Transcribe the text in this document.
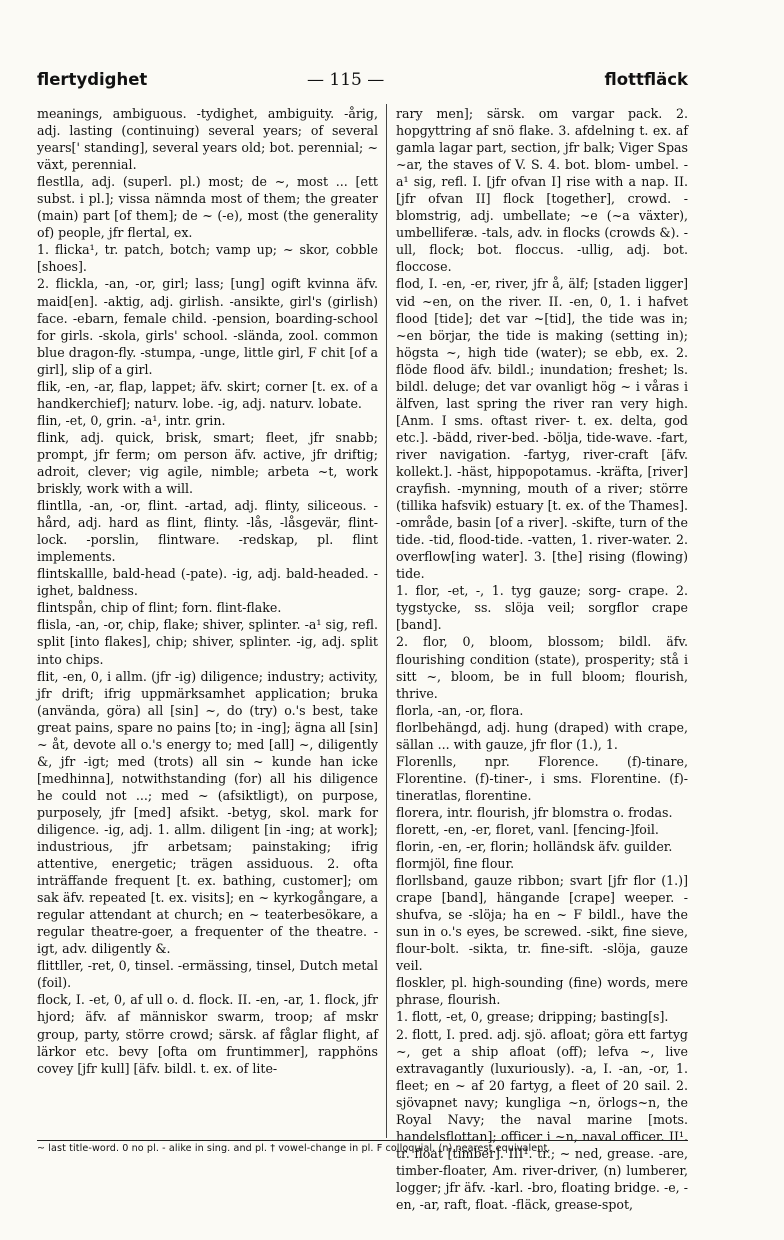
flertydighet	— 115 —	flottfläck

meanings, ambiguous. -tydighet, ambiguity. -årig, adj. lasting (continuing) several years; of several years[' standing], several years old; bot. perennial; ~ växt, perennial.

flestlla, adj. (superl. pl.) most; de ~, most ... [ett subst. i pl.]; vissa nämnda most of them; the greater (main) part [of them]; de ~ (-e), most (the generality of) people, jfr flertal, ex.

1. flicka¹, tr. patch, botch; vamp up; ~ skor, cobble [shoes].

2. flickla, -an, -or, girl; lass; [ung] ogift kvinna äfv. maid[en]. -aktig, adj. girlish. -ansikte, girl's (girlish) face. -ebarn, female child. -pension, boarding-school for girls. -skola, girls' school. -slända, zool. common blue dragon-fly. -stumpa, -unge, little girl, F chit [of a girl], slip of a girl.

flik, -en, -ar, flap, lappet; äfv. skirt; corner [t. ex. of a handkerchief]; naturv. lobe. -ig, adj. naturv. lobate.

flin, -et, 0, grin. -a¹, intr. grin.

flink, adj. quick, brisk, smart; fleet, jfr snabb; prompt, jfr ferm; om person äfv. active, jfr driftig; adroit, clever; vig agile, nimble; arbeta ~t, work briskly, work with a will.

flintlla, -an, -or, flint. -artad, adj. flinty, siliceous. -hård, adj. hard as flint, flinty. -lås, -låsgevär, flint-lock. -porslin, flintware. -redskap, pl. flint implements.

flintskallle, bald-head (-pate). -ig, adj. bald-headed. -ighet, baldness.

flintspån, chip of flint; forn. flint-flake.

flisla, -an, -or, chip, flake; shiver, splinter. -a¹ sig, refl. split [into flakes], chip; shiver, splinter. -ig, adj. split into chips.

flit, -en, 0, i allm. (jfr -ig) diligence; industry; activity, jfr drift; ifrig uppmärksamhet application; bruka (använda, göra) all [sin] ~, do (try) o.'s best, take great pains, spare no pains [to; in -ing]; ägna all [sin] ~ åt, devote all o.'s energy to; med [all] ~, diligently &, jfr -igt; med (trots) all sin ~ kunde han icke [medhinna], notwithstanding (for) all his diligence he could not ...; med ~ (afsiktligt), on purpose, purposely, jfr [med] afsikt. -betyg, skol. mark for diligence. -ig, adj. 1. allm. diligent [in -ing; at work]; industrious, jfr arbetsam; painstaking; ifrig attentive, energetic; trägen assiduous. 2. ofta inträffande frequent [t. ex. bathing, customer]; om sak äfv. repeated [t. ex. visits]; en ~ kyrkogångare, a regular attendant at church; en ~ teaterbesökare, a regular theatre-goer, a frequenter of the theatre. -igt, adv. diligently &.

flittller, -ret, 0, tinsel. -ermässing, tinsel, Dutch metal (foil).

flock, I. -et, 0, af ull o. d. flock. II. -en, -ar, 1. flock, jfr hjord; äfv. af människor swarm, troop; af mskr group, party, större crowd; särsk. af fåglar flight, af lärkor etc. bevy [ofta om fruntimmer], rapphöns covey [jfr kull] [äfv. bildl. t. ex. of lite-

rary men]; särsk. om vargar pack. 2. hopgyttring af snö flake. 3. afdelning t. ex. af gamla lagar part, section, jfr balk; Viger Spas ~ar, the staves of V. S. 4. bot. blom- umbel. -a¹ sig, refl. I. [jfr ofvan I] rise with a nap. II. [jfr ofvan II] flock [together], crowd. -blomstrig, adj. umbellate; ~e (~a växter), umbelliferæ. -tals, adv. in flocks (crowds &). -ull, flock; bot. floccus. -ullig, adj. bot. floccose.

flod, I. -en, -er, river, jfr å, älf; [staden ligger] vid ~en, on the river. II. -en, 0, 1. i hafvet flood [tide]; det var ~[tid], the tide was in; ~en börjar, the tide is making (setting in); högsta ~, high tide (water); se ebb, ex. 2. flöde flood äfv. bildl.; inundation; freshet; ls. bildl. deluge; det var ovanligt hög ~ i våras i älfven, last spring the river ran very high. [Anm. I sms. oftast river- t. ex. delta, god etc.]. -bädd, river-bed. -bölja, tide-wave. -fart, river navigation. -fartyg, river-craft [äfv. kollekt.]. -häst, hippopotamus. -kräfta, [river] crayfish. -mynning, mouth of a river; större (tillika hafsvik) estuary [t. ex. of the Thames]. -område, basin [of a river]. -skifte, turn of the tide. -tid, flood-tide. -vatten, 1. river-water. 2. overflow[ing water]. 3. [the] rising (flowing) tide.

1. flor, -et, -, 1. tyg gauze; sorg- crape. 2. tygstycke, ss. slöja veil; sorgflor crape [band].

2. flor, 0, bloom, blossom; bildl. äfv. flourishing condition (state), prosperity; stå i sitt ~, bloom, be in full bloom; flourish, thrive.

florla, -an, -or, flora.

florlbehängd, adj. hung (draped) with crape, sällan ... with gauze, jfr flor (1.), 1.

Florenlls, npr. Florence. (f)-tinare, Florentine. (f)-tiner-, i sms. Florentine. (f)-tineratlas, florentine.

florera, intr. flourish, jfr blomstra o. frodas.

florett, -en, -er, floret, vanl. [fencing-]foil.

florin, -en, -er, florin; holländsk äfv. guilder.

flormjöl, fine flour.

florllsband, gauze ribbon; svart [jfr flor (1.)] crape [band], hängande [crape] weeper. -shufva, se -slöja; ha en ~ F bildl., have the sun in o.'s eyes, be screwed. -sikt, fine sieve, flour-bolt. -sikta, tr. fine-sift. -slöja, gauze veil.

floskler, pl. high-sounding (fine) words, mere phrase, flourish.

1. flott, -et, 0, grease; dripping; basting[s].

2. flott, I. pred. adj. sjö. afloat; göra ett fartyg ~, get a ship afloat (off); lefva ~, live extravagantly (luxuriously). -a, I. -an, -or, 1. fleet; en ~ af 20 fartyg, a fleet of 20 sail. 2. sjövapnet navy; kungliga ~n, örlogs~n, the Royal Navy; the naval marine [mots. handelsflottan]; officer i ~n, naval officer. II¹. tr. float [timber]. III¹. tr.; ~ ned, grease. -are, timber-floater, Am. river-driver, (n) lumberer, logger; jfr äfv. -karl. -bro, floating bridge. -e, -en, -ar, raft, float. -fläck, grease-spot,

~ last title-word. 0 no pl. - alike in sing. and pl. † vowel-change in pl. F colloquial. (n) nearest equivalent.
